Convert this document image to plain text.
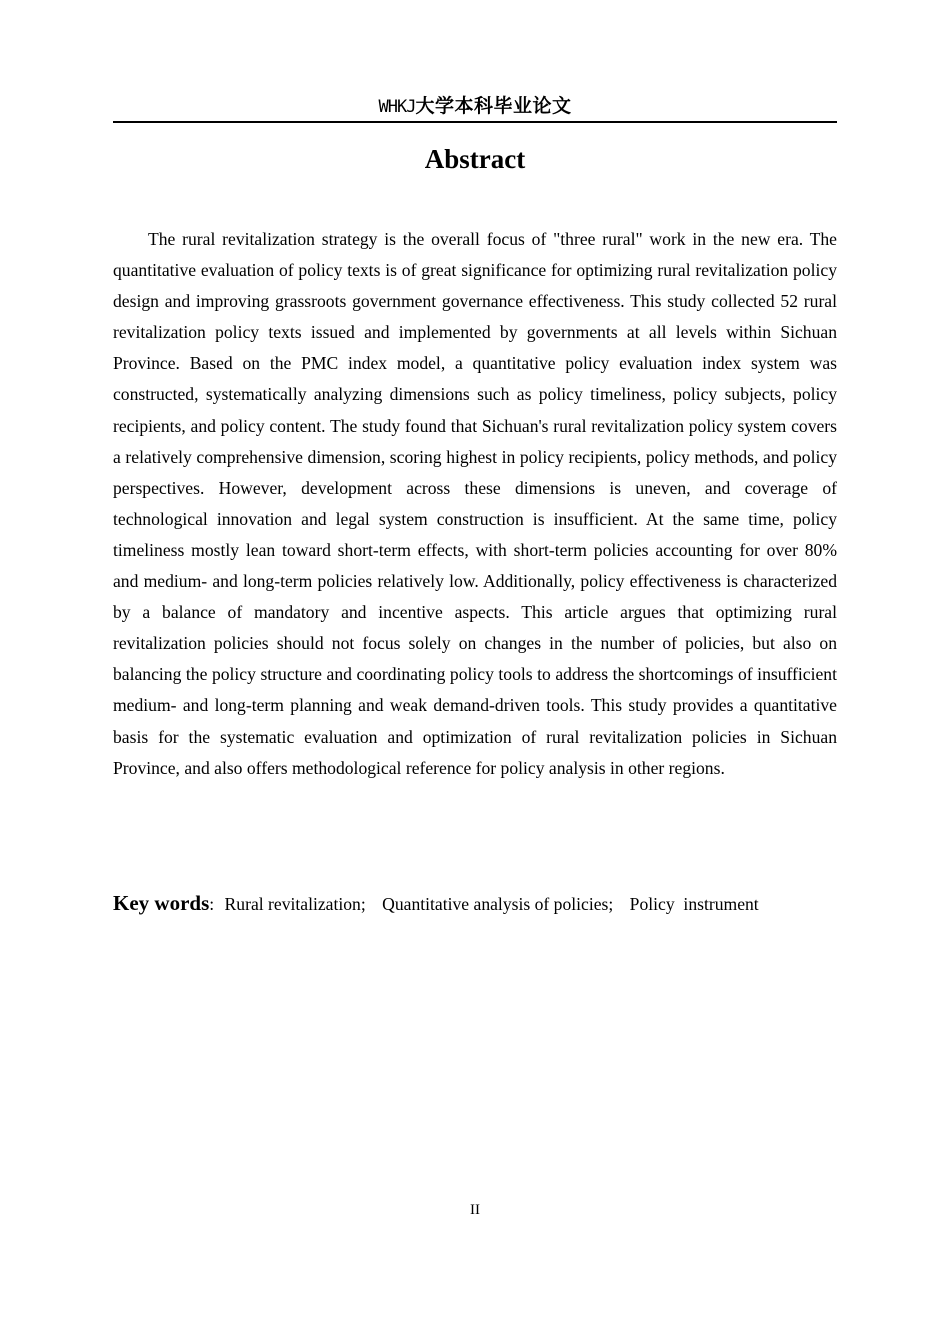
WHKJ大学本科毕业论文
Abstract

The rural revitalization strategy is the overall focus of "three rural" work in the new era. The quantitative evaluation of policy texts is of great significance for optimizing rural revitalization policy design and improving grassroots government governance effectiveness. This study collected 52 rural revitalization policy texts issued and implemented by governments at all levels within Sichuan Province. Based on the PMC index model, a quantitative policy evaluation index system was constructed, systematically analyzing dimensions such as policy timeliness, policy subjects, policy recipients, and policy content. The study found that Sichuan's rural revitalization policy system covers a relatively comprehensive dimension, scoring highest in policy recipients, policy methods, and policy perspectives. However, development across these dimensions is uneven, and coverage of technological innovation and legal system construction is insufficient. At the same time, policy timeliness mostly lean toward short-term effects, with short-term policies accounting for over 80% and medium- and long-term policies relatively low. Additionally, policy effectiveness is characterized by a balance of mandatory and incentive aspects. This article argues that optimizing rural revitalization policies should not focus solely on changes in the number of policies, but also on balancing the policy structure and coordinating policy tools to address the shortcomings of insufficient medium- and long-term planning and weak demand-driven tools. This study provides a quantitative basis for the systematic evaluation and optimization of rural revitalization policies in Sichuan Province, and also offers methodological reference for policy analysis in other regions.

Key words: Rural revitalization; Quantitative analysis of policies; Policy  instrument
II
